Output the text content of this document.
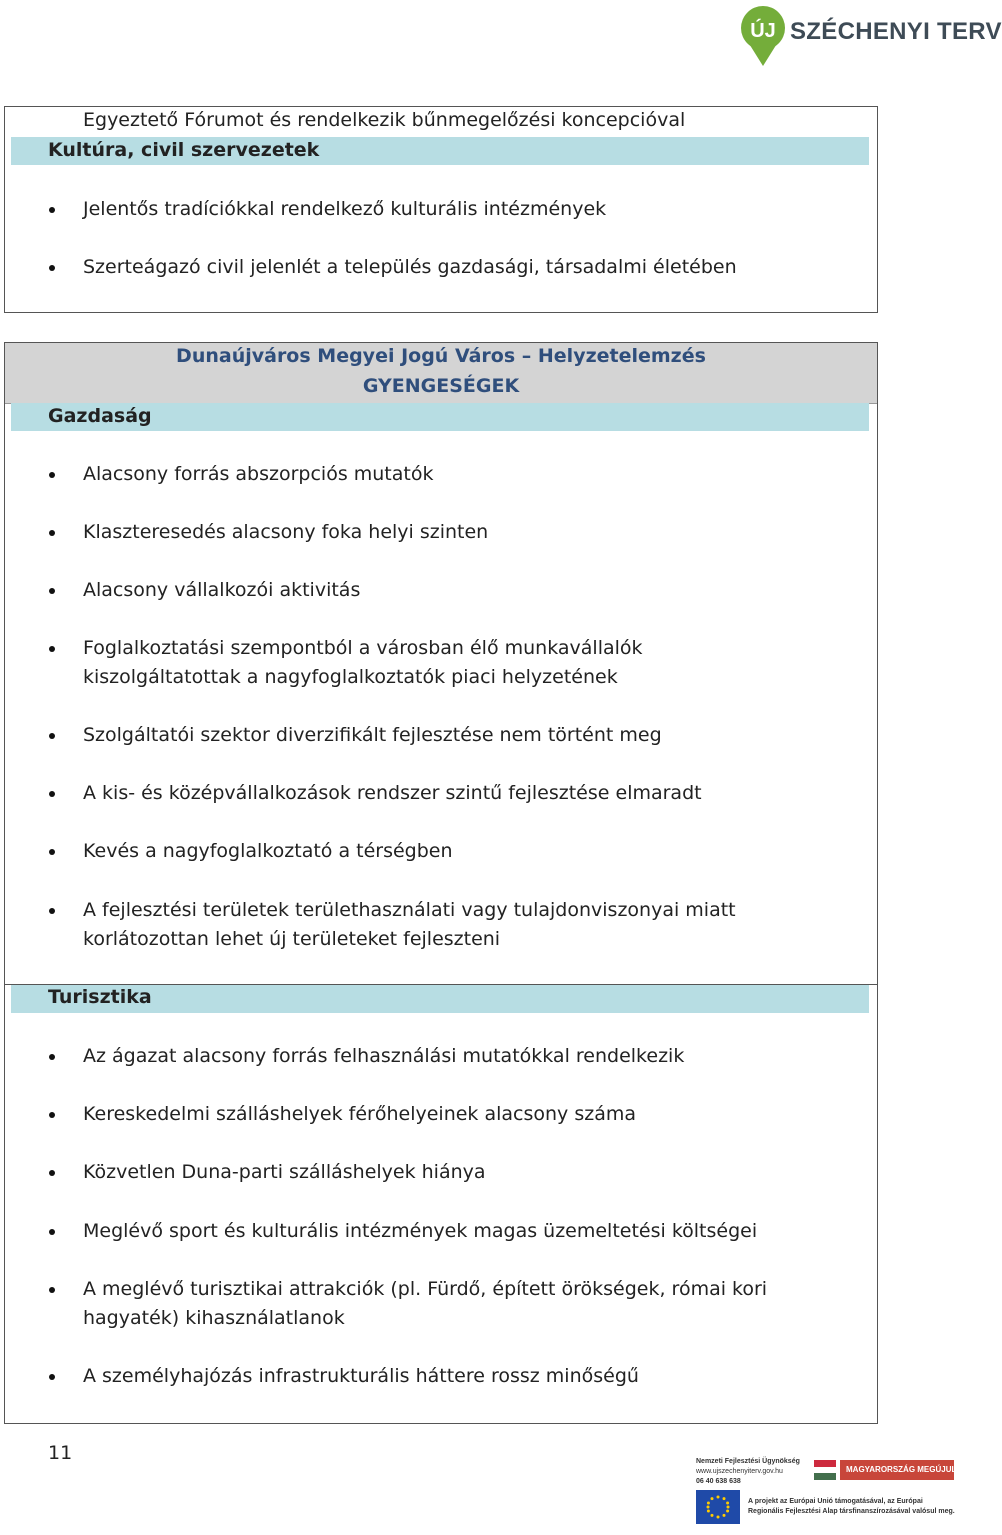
ÚJ SZÉCHENYI TERV
Egyeztető Fórumot és rendelkezik bűnmegelőzési koncepcióval
Kultúra, civil szervezetek
Jelentős tradíciókkal rendelkező kulturális intézmények
Szerteágazó civil jelenlét a település gazdasági, társadalmi életében
Dunaújváros Megyei Jogú Város – Helyzetelemzés
GYENGESÉGEK
Gazdaság
Alacsony forrás abszorpciós mutatók
Klaszteresedés alacsony foka helyi szinten
Alacsony vállalkozói aktivitás
Foglalkoztatási szempontból a városban élő munkavállalók
kiszolgáltatottak a nagyfoglalkoztatók piaci helyzetének
Szolgáltatói szektor diverzifikált fejlesztése nem történt meg
A kis- és középvállalkozások rendszer szintű fejlesztése elmaradt
Kevés a nagyfoglalkoztató a térségben
A fejlesztési területek területhasználati vagy tulajdonviszonyai miatt
korlátozottan lehet új területeket fejleszteni
Turisztika
Az ágazat alacsony forrás felhasználási mutatókkal rendelkezik
Kereskedelmi szálláshelyek férőhelyeinek alacsony száma
Közvetlen Duna-parti szálláshelyek hiánya
Meglévő sport és kulturális intézmények magas üzemeltetési költségei
A meglévő turisztikai attrakciók (pl. Fürdő, épített örökségek, római kori
hagyaték) kihasználatlanok
A személyhajózás infrastrukturális háttere rossz minőségű
11	Nemzeti Fejlesztési Ügynökség
www.ujszechenyiterv.gov.hu
06 40 638 638
MAGYARORSZÁG MEGÚJUL
A projekt az Európai Unió támogatásával, az Európai
Regionális Fejlesztési Alap társfinanszírozásával valósul meg.
